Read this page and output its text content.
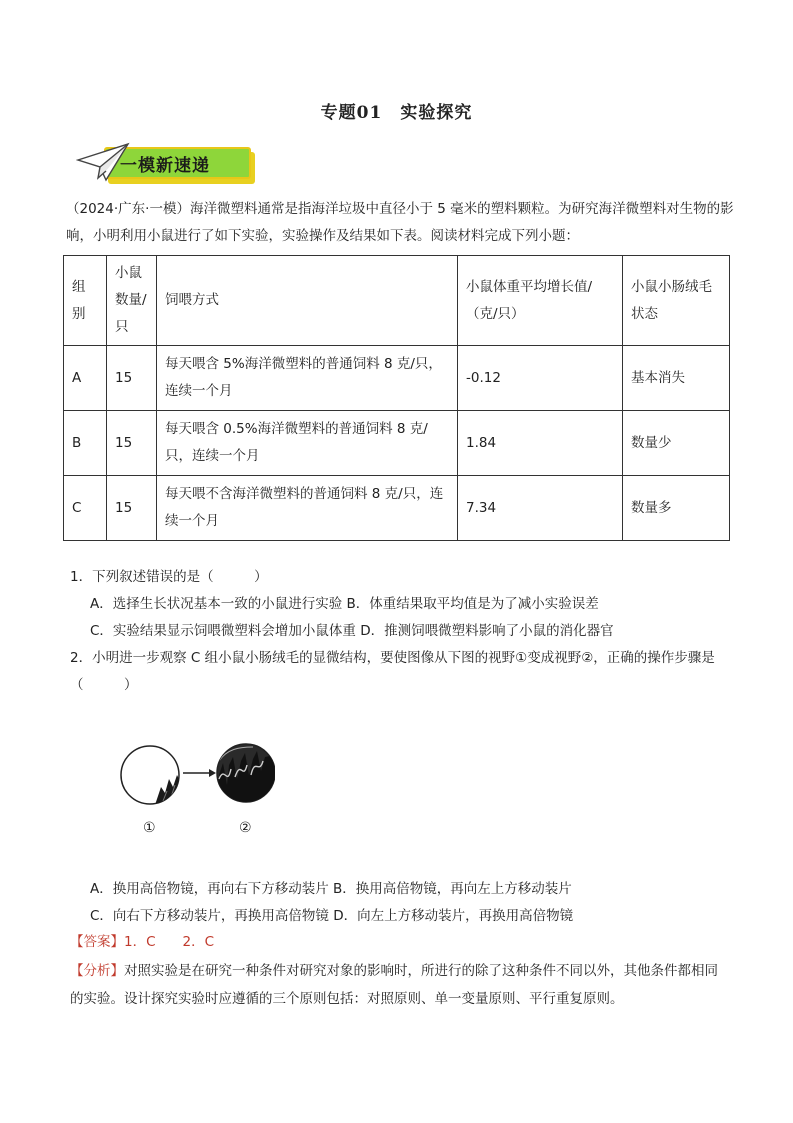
专题01　实验探究
一模新速递
（2024·广东·一模）海洋微塑料通常是指海洋垃圾中直径小于 5 毫米的塑料颗粒。为研究海洋微塑料对生物的影响，小明利用小鼠进行了如下实验，实验操作及结果如下表。阅读材料完成下列小题：
组别	小鼠数量/只	饲喂方式	小鼠体重平均增长值/（克/只）	小鼠小肠绒毛状态
A	15	每天喂含 5%海洋微塑料的普通饲料 8 克/只，连续一个月	-0.12	基本消失
B	15	每天喂含 0.5%海洋微塑料的普通饲料 8 克/只，连续一个月	1.84	数量少
C	15	每天喂不含海洋微塑料的普通饲料 8 克/只，连续一个月	7.34	数量多
1．下列叙述错误的是（　　　）
A．选择生长状况基本一致的小鼠进行实验 B．体重结果取平均值是为了减小实验误差
C．实验结果显示饲喂微塑料会增加小鼠体重 D．推测饲喂微塑料影响了小鼠的消化器官
2．小明进一步观察 C 组小鼠小肠绒毛的显微结构，要使图像从下图的视野①变成视野②，正确的操作步骤是（　　　）
①	②
A．换用高倍物镜，再向右下方移动装片 B．换用高倍物镜，再向左上方移动装片
C．向右下方移动装片，再换用高倍物镜 D．向左上方移动装片，再换用高倍物镜
【答案】1．C　　2．C
【分析】对照实验是在研究一种条件对研究对象的影响时，所进行的除了这种条件不同以外，其他条件都相同的实验。设计探究实验时应遵循的三个原则包括：对照原则、单一变量原则、平行重复原则。
